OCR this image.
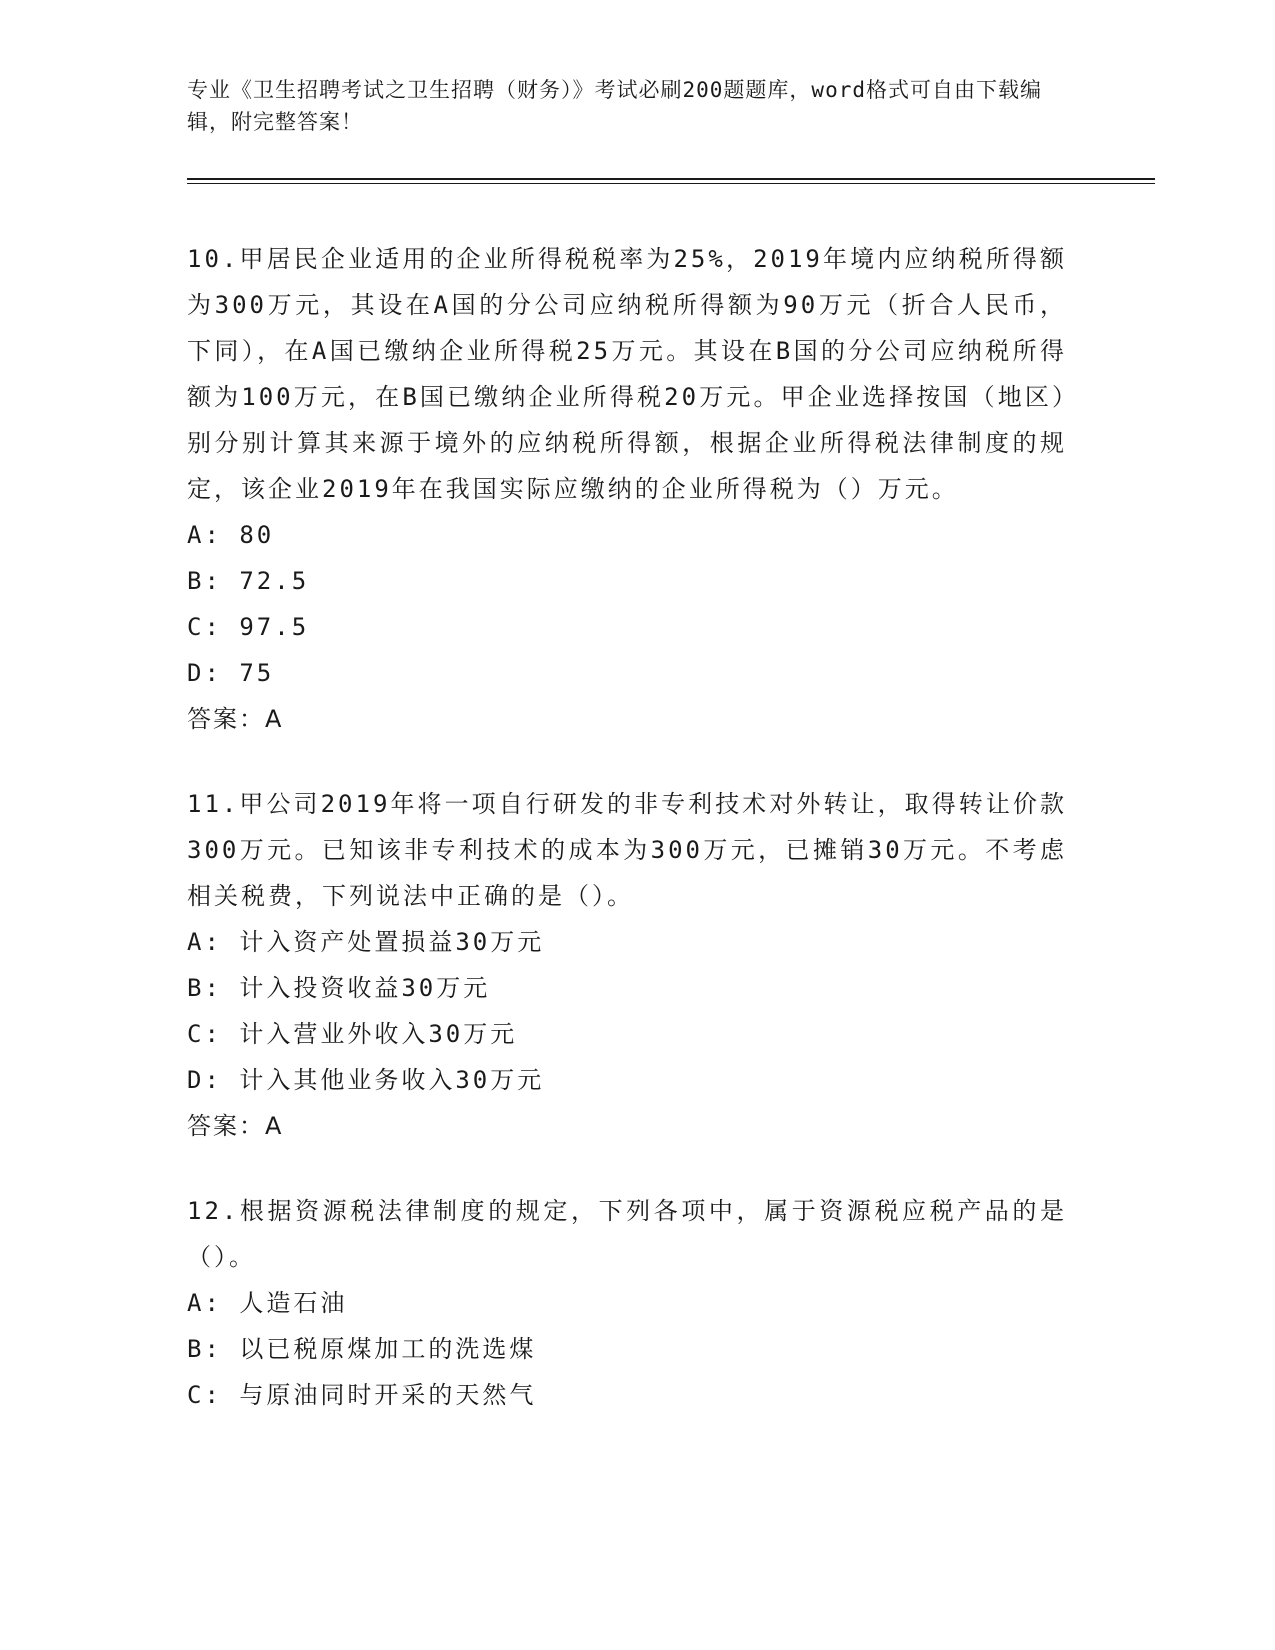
专业《卫生招聘考试之卫生招聘（财务）》考试必刷200题题库，word格式可自由下载编辑，附完整答案！
10.甲居民企业适用的企业所得税税率为25%，2019年境内应纳税所得额为300万元，其设在A国的分公司应纳税所得额为90万元（折合人民币，下同），在A国已缴纳企业所得税25万元。其设在B国的分公司应纳税所得额为100万元，在B国已缴纳企业所得税20万元。甲企业选择按国（地区）别分别计算其来源于境外的应纳税所得额，根据企业所得税法律制度的规定，该企业2019年在我国实际应缴纳的企业所得税为（）万元。
A: 80
B: 72.5
C: 97.5
D: 75
答案：A
11.甲公司2019年将一项自行研发的非专利技术对外转让，取得转让价款300万元。已知该非专利技术的成本为300万元，已摊销30万元。不考虑相关税费，下列说法中正确的是（）。
A: 计入资产处置损益30万元
B: 计入投资收益30万元
C: 计入营业外收入30万元
D: 计入其他业务收入30万元
答案：A
12.根据资源税法律制度的规定，下列各项中，属于资源税应税产品的是（）。
A: 人造石油
B: 以已税原煤加工的洗选煤
C: 与原油同时开采的天然气
